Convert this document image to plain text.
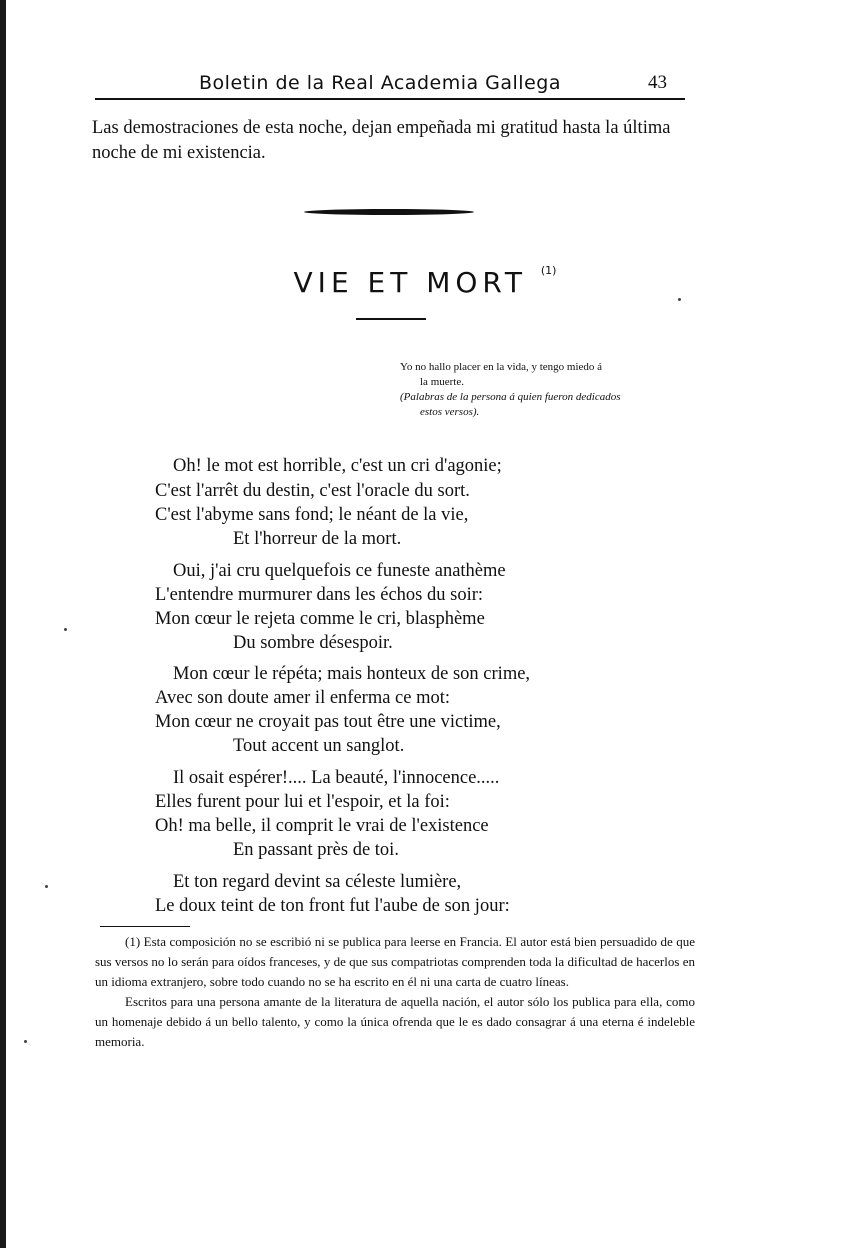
Boletin de la Real Academia Gallega	43

Las demostraciones de esta noche, dejan empeñada mi gratitud hasta la última noche de mi existencia.

VIE ET MORT $^{(1)}$
Yo no hallo placer en la vida, y tengo miedo á
la muerte.
(Palabras de la persona á quien fueron dedicados
estos versos).
Oh! le mot est horrible, c'est un cri d'agonie;
C'est l'arrêt du destin, c'est l'oracle du sort.
C'est l'abyme sans fond; le néant de la vie,
Et l'horreur de la mort.
Oui, j'ai cru quelquefois ce funeste anathème
L'entendre murmurer dans les échos du soir:
Mon cœur le rejeta comme le cri, blasphème
Du sombre désespoir.
Mon cœur le répéta; mais honteux de son crime,
Avec son doute amer il enferma ce mot:
Mon cœur ne croyait pas tout être une victime,
Tout accent un sanglot.
Il osait espérer!.... La beauté, l'innocence.....
Elles furent pour lui et l'espoir, et la foi:
Oh! ma belle, il comprit le vrai de l'existence
En passant près de toi.
Et ton regard devint sa céleste lumière,
Le doux teint de ton front fut l'aube de son jour:

(1) Esta composición no se escribió ni se publica para leerse en Francia. El autor está bien persuadido de que sus versos no lo serán para oídos franceses, y de que sus compatriotas comprenden toda la dificultad de hacerlos en un idioma extranjero, sobre todo cuando no se ha escrito en él ni una carta de cuatro líneas.

Escritos para una persona amante de la literatura de aquella nación, el autor sólo los publica para ella, como un homenaje debido á un bello talento, y como la única ofrenda que le es dado consagrar á una eterna é indeleble memoria.
